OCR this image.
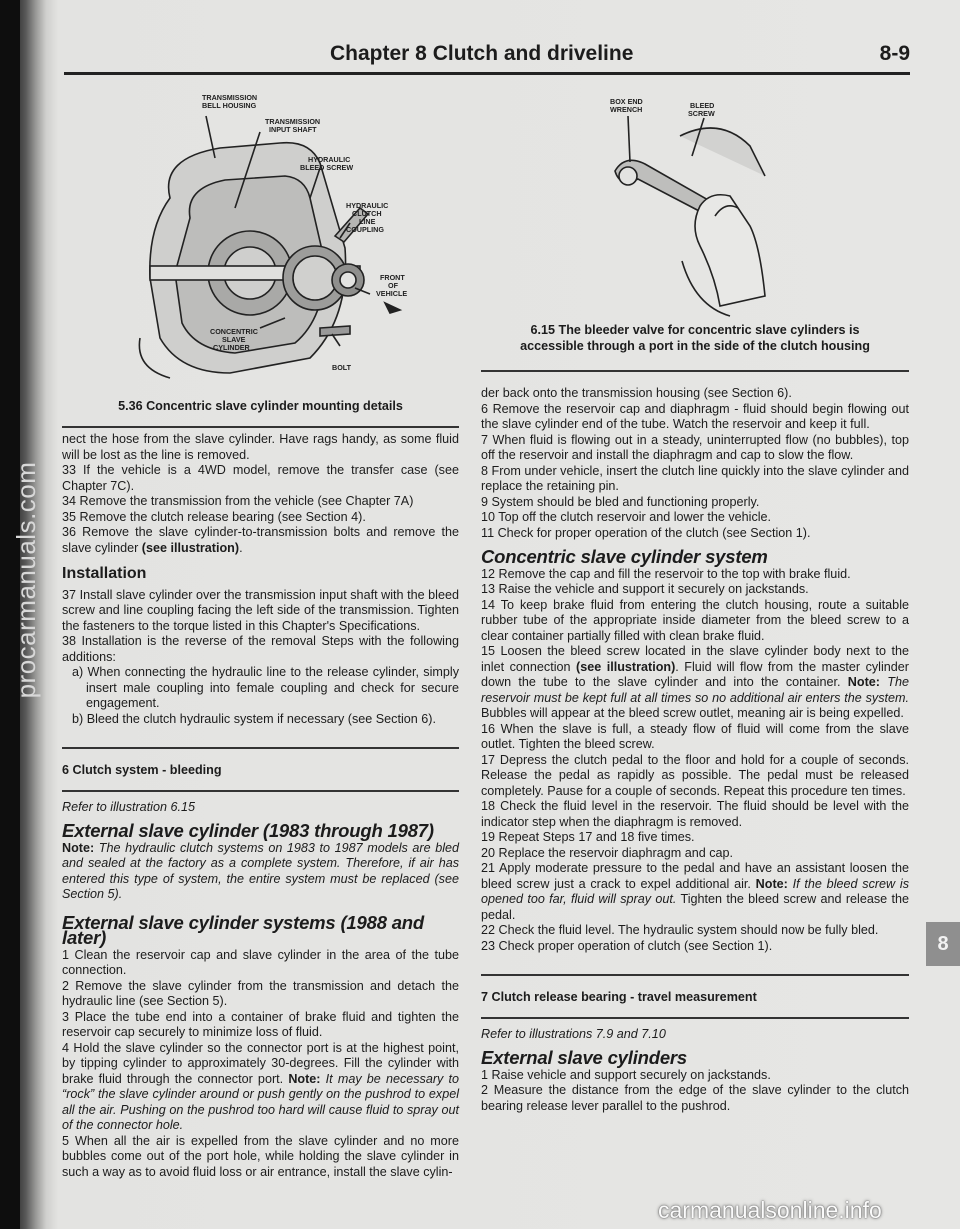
Chapter 8 Clutch and driveline	8-9
TRANSMISSION
BELL HOUSING
TRANSMISSION
INPUT SHAFT
HYDRAULIC
BLEED SCREW
HYDRAULIC
CLUTCH
LINE
COUPLING
FRONT
OF
VEHICLE
CONCENTRIC
SLAVE
CYLINDER
BOLT
5.36 Concentric slave cylinder mounting details
BOX END
WRENCH	BLEED
SCREW
6.15 The bleeder valve for concentric slave cylinders is
accessible through a port in the side of the clutch housing

nect the hose from the slave cylinder. Have rags handy, as some fluid will be lost as the line is removed.

33 If the vehicle is a 4WD model, remove the transfer case (see Chapter 7C).

34 Remove the transmission from the vehicle (see Chapter 7A)

35 Remove the clutch release bearing (see Section 4).

36 Remove the slave cylinder-to-transmission bolts and remove the slave cylinder (see illustration).

Installation

37 Install slave cylinder over the transmission input shaft with the bleed screw and line coupling facing the left side of the transmission. Tighten the fasteners to the torque listed in this Chapter's Specifications.

38 Installation is the reverse of the removal Steps with the following additions:

a) When connecting the hydraulic line to the release cylinder, simply insert male coupling into female coupling and check for secure engagement.

b) Bleed the clutch hydraulic system if necessary (see Section 6).

6 Clutch system - bleeding

Refer to illustration 6.15

External slave cylinder (1983 through 1987)

Note: The hydraulic clutch systems on 1983 to 1987 models are bled and sealed at the factory as a complete system. Therefore, if air has entered this type of system, the entire system must be replaced (see Section 5).

External slave cylinder systems (1988 and later)

1 Clean the reservoir cap and slave cylinder in the area of the tube connection.

2 Remove the slave cylinder from the transmission and detach the hydraulic line (see Section 5).

3 Place the tube end into a container of brake fluid and tighten the reservoir cap securely to minimize loss of fluid.

4 Hold the slave cylinder so the connector port is at the highest point, by tipping cylinder to approximately 30-degrees. Fill the cylinder with brake fluid through the connector port. Note: It may be necessary to “rock” the slave cylinder around or push gently on the pushrod to expel all the air. Pushing on the pushrod too hard will cause fluid to spray out of the connector hole.

5 When all the air is expelled from the slave cylinder and no more bubbles come out of the port hole, while holding the slave cylinder in such a way as to avoid fluid loss or air entrance, install the slave cylin-

der back onto the transmission housing (see Section 6).

6 Remove the reservoir cap and diaphragm - fluid should begin flowing out the slave cylinder end of the tube. Watch the reservoir and keep it full.

7 When fluid is flowing out in a steady, uninterrupted flow (no bubbles), top off the reservoir and install the diaphragm and cap to slow the flow.

8 From under vehicle, insert the clutch line quickly into the slave cylinder and replace the retaining pin.

9 System should be bled and functioning properly.

10 Top off the clutch reservoir and lower the vehicle.

11 Check for proper operation of the clutch (see Section 1).

Concentric slave cylinder system

12 Remove the cap and fill the reservoir to the top with brake fluid.

13 Raise the vehicle and support it securely on jackstands.

14 To keep brake fluid from entering the clutch housing, route a suitable rubber tube of the appropriate inside diameter from the bleed screw to a clear container partially filled with clean brake fluid.

15 Loosen the bleed screw located in the slave cylinder body next to the inlet connection (see illustration). Fluid will flow from the master cylinder down the tube to the slave cylinder and into the container. Note: The reservoir must be kept full at all times so no additional air enters the system. Bubbles will appear at the bleed screw outlet, meaning air is being expelled.

16 When the slave is full, a steady flow of fluid will come from the slave outlet. Tighten the bleed screw.

17 Depress the clutch pedal to the floor and hold for a couple of seconds. Release the pedal as rapidly as possible. The pedal must be released completely. Pause for a couple of seconds. Repeat this procedure ten times.

18 Check the fluid level in the reservoir. The fluid should be level with the indicator step when the diaphragm is removed.

19 Repeat Steps 17 and 18 five times.

20 Replace the reservoir diaphragm and cap.

21 Apply moderate pressure to the pedal and have an assistant loosen the bleed screw just a crack to expel additional air. Note: If the bleed screw is opened too far, fluid will spray out. Tighten the bleed screw and release the pedal.

22 Check the fluid level. The hydraulic system should now be fully bled.

23 Check proper operation of clutch (see Section 1).

7 Clutch release bearing - travel measurement

Refer to illustrations 7.9 and 7.10

External slave cylinders

1 Raise vehicle and support securely on jackstands.

2 Measure the distance from the edge of the slave cylinder to the clutch bearing release lever parallel to the pushrod.

8
procarmanuals.com
carmanualsonline.info
